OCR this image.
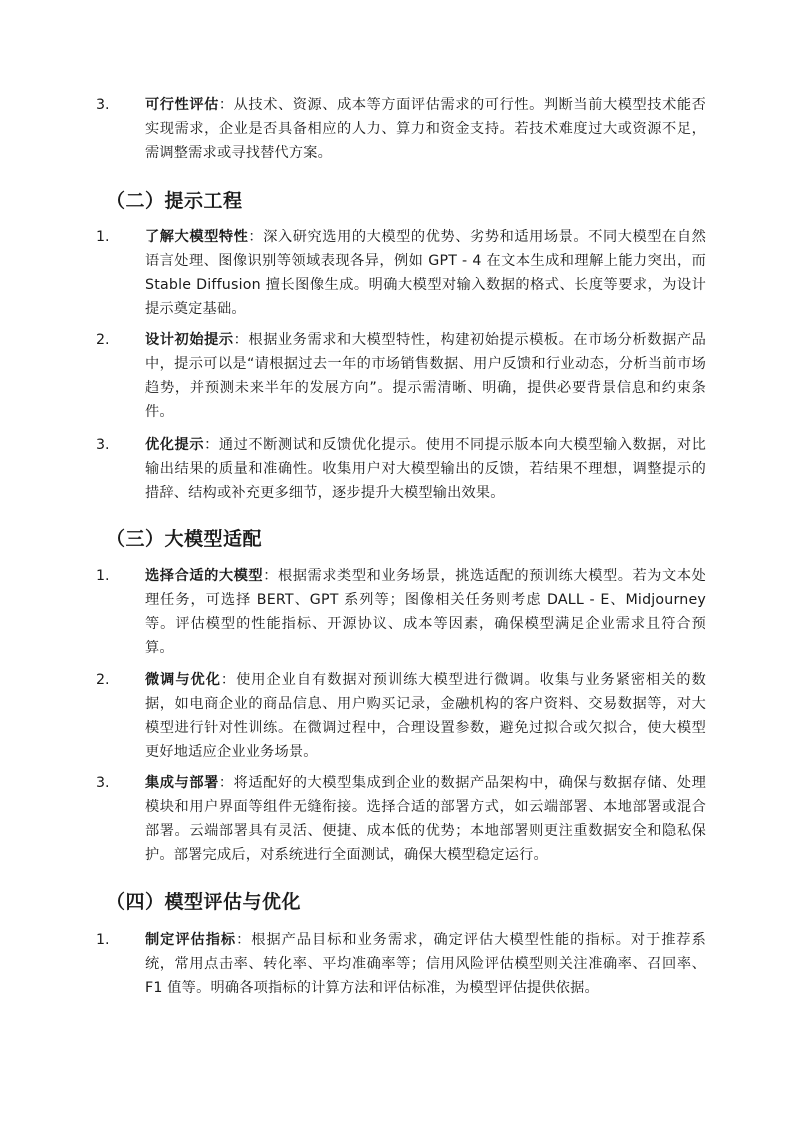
3.	可行性评估：从技术、资源、成本等方面评估需求的可行性。判断当前大模型技术能否实现需求，企业是否具备相应的人力、算力和资金支持。若技术难度过大或资源不足，需调整需求或寻找替代方案。
（二）提示工程
1.	了解大模型特性：深入研究选用的大模型的优势、劣势和适用场景。不同大模型在自然语言处理、图像识别等领域表现各异，例如 GPT - 4 在文本生成和理解上能力突出，而 Stable Diffusion 擅长图像生成。明确大模型对输入数据的格式、长度等要求，为设计提示奠定基础。
2.	设计初始提示：根据业务需求和大模型特性，构建初始提示模板。在市场分析数据产品中，提示可以是“请根据过去一年的市场销售数据、用户反馈和行业动态，分析当前市场趋势，并预测未来半年的发展方向”。提示需清晰、明确，提供必要背景信息和约束条件。
3.	优化提示：通过不断测试和反馈优化提示。使用不同提示版本向大模型输入数据，对比输出结果的质量和准确性。收集用户对大模型输出的反馈，若结果不理想，调整提示的措辞、结构或补充更多细节，逐步提升大模型输出效果。
（三）大模型适配
1.	选择合适的大模型：根据需求类型和业务场景，挑选适配的预训练大模型。若为文本处理任务，可选择 BERT、GPT 系列等；图像相关任务则考虑 DALL - E、Midjourney 等。评估模型的性能指标、开源协议、成本等因素，确保模型满足企业需求且符合预算。
2.	微调与优化：使用企业自有数据对预训练大模型进行微调。收集与业务紧密相关的数据，如电商企业的商品信息、用户购买记录，金融机构的客户资料、交易数据等，对大模型进行针对性训练。在微调过程中，合理设置参数，避免过拟合或欠拟合，使大模型更好地适应企业业务场景。
3.	集成与部署：将适配好的大模型集成到企业的数据产品架构中，确保与数据存储、处理模块和用户界面等组件无缝衔接。选择合适的部署方式，如云端部署、本地部署或混合部署。云端部署具有灵活、便捷、成本低的优势；本地部署则更注重数据安全和隐私保护。部署完成后，对系统进行全面测试，确保大模型稳定运行。
（四）模型评估与优化
1.	制定评估指标：根据产品目标和业务需求，确定评估大模型性能的指标。对于推荐系统，常用点击率、转化率、平均准确率等；信用风险评估模型则关注准确率、召回率、F1 值等。明确各项指标的计算方法和评估标准，为模型评估提供依据。
